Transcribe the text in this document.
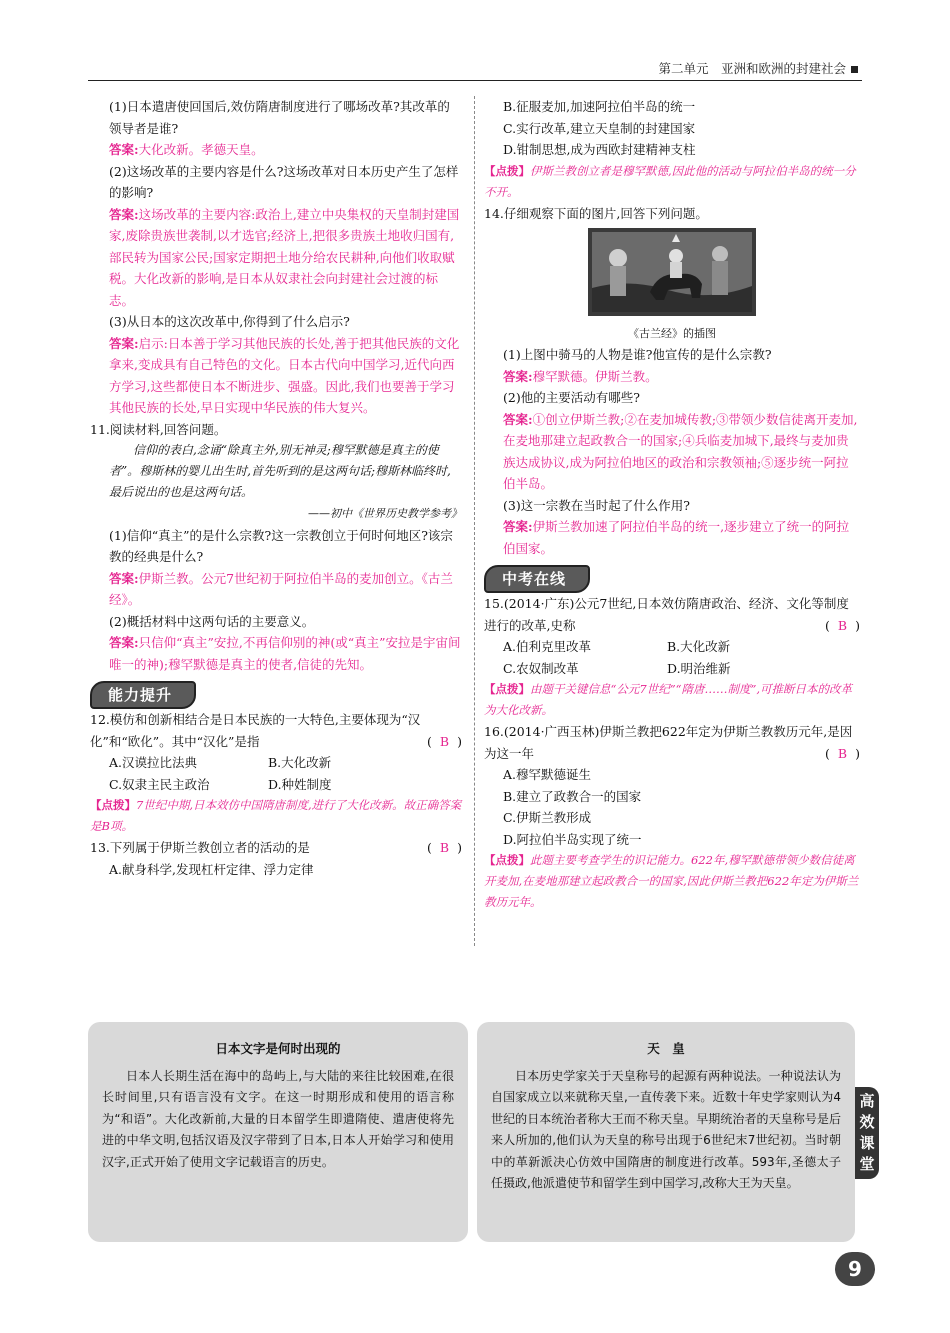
第二单元　亚洲和欧洲的封建社会

(1)日本遣唐使回国后,效仿隋唐制度进行了哪场改革?其改革的领导者是谁?

答案:大化改新。孝德天皇。

(2)这场改革的主要内容是什么?这场改革对日本历史产生了怎样的影响?

答案:这场改革的主要内容:政治上,建立中央集权的天皇制封建国家,废除贵族世袭制,以才选官;经济上,把很多贵族土地收归国有,部民转为国家公民;国家定期把土地分给农民耕种,向他们收取赋税。大化改新的影响,是日本从奴隶社会向封建社会过渡的标志。

(3)从日本的这次改革中,你得到了什么启示?

答案:启示:日本善于学习其他民族的长处,善于把其他民族的文化拿来,变成具有自己特色的文化。日本古代向中国学习,近代向西方学习,这些都使日本不断进步、强盛。因此,我们也要善于学习其他民族的长处,早日实现中华民族的伟大复兴。

11.阅读材料,回答问题。

信仰的表白,念诵“除真主外,别无神灵;穆罕默德是真主的使者”。穆斯林的婴儿出生时,首先听到的是这两句话;穆斯林临终时,最后说出的也是这两句话。

——初中《世界历史教学参考》

(1)信仰“真主”的是什么宗教?这一宗教创立于何时何地区?该宗教的经典是什么?

答案:伊斯兰教。公元7世纪初于阿拉伯半岛的麦加创立。《古兰经》。

(2)概括材料中这两句话的主要意义。

答案:只信仰“真主”安拉,不再信仰别的神(或“真主”安拉是宇宙间唯一的神);穆罕默德是真主的使者,信徒的先知。

能力提升
12.模仿和创新相结合是日本民族的一大特色,主要体现为“汉化”和“欧化”。其中“汉化”是指	( B )

A.汉谟拉比法典	B.大化改新

C.奴隶主民主政治	D.种姓制度

【点拨】7世纪中期,日本效仿中国隋唐制度,进行了大化改新。故正确答案是B项。

13.下列属于伊斯兰教创立者的活动的是	( B )

A.献身科学,发现杠杆定律、浮力定律

B.征服麦加,加速阿拉伯半岛的统一

C.实行改革,建立天皇制的封建国家

D.钳制思想,成为西欧封建精神支柱

【点拨】伊斯兰教创立者是穆罕默德,因此他的活动与阿拉伯半岛的统一分不开。

14.仔细观察下面的图片,回答下列问题。

《古兰经》的插图

(1)上图中骑马的人物是谁?他宣传的是什么宗教?

答案:穆罕默德。伊斯兰教。

(2)他的主要活动有哪些?

答案:①创立伊斯兰教;②在麦加城传教;③带领少数信徒离开麦加,在麦地那建立起政教合一的国家;④兵临麦加城下,最终与麦加贵族达成协议,成为阿拉伯地区的政治和宗教领袖;⑤逐步统一阿拉伯半岛。

(3)这一宗教在当时起了什么作用?

答案:伊斯兰教加速了阿拉伯半岛的统一,逐步建立了统一的阿拉伯国家。

中考在线

15.(2014·广东)公元7世纪,日本效仿隋唐政治、经济、文化等制度进行的改革,史称	( B )

A.伯利克里改革	B.大化改新

C.农奴制改革	D.明治维新

【点拨】由题干关键信息“公元7世纪”“隋唐……制度”,可推断日本的改革为大化改新。

16.(2014·广西玉林)伊斯兰教把622年定为伊斯兰教教历元年,是因为这一年	( B )

A.穆罕默德诞生

B.建立了政教合一的国家

C.伊斯兰教形成

D.阿拉伯半岛实现了统一

【点拨】此题主要考查学生的识记能力。622年,穆罕默德带领少数信徒离开麦加,在麦地那建立起政教合一的国家,因此伊斯兰教把622年定为伊斯兰教历元年。

日本文字是何时出现的

日本人长期生活在海中的岛屿上,与大陆的来往比较困难,在很长时间里,只有语言没有文字。在这一时期形成和使用的语言称为“和语”。大化改新前,大量的日本留学生即遣隋使、遣唐使将先进的中华文明,包括汉语及汉字带到了日本,日本人开始学习和使用汉字,正式开始了使用文字记载语言的历史。

天　皇

日本历史学家关于天皇称号的起源有两种说法。一种说法认为自国家成立以来就称天皇,一直传袭下来。近数十年史学家则认为4世纪的日本统治者称大王而不称天皇。早期统治者的天皇称号是后来人所加的,他们认为天皇的称号出现于6世纪末7世纪初。当时朝中的革新派决心仿效中国隋唐的制度进行改革。593年,圣德太子任摄政,他派遣使节和留学生到中国学习,改称大王为天皇。

高效课堂
9
